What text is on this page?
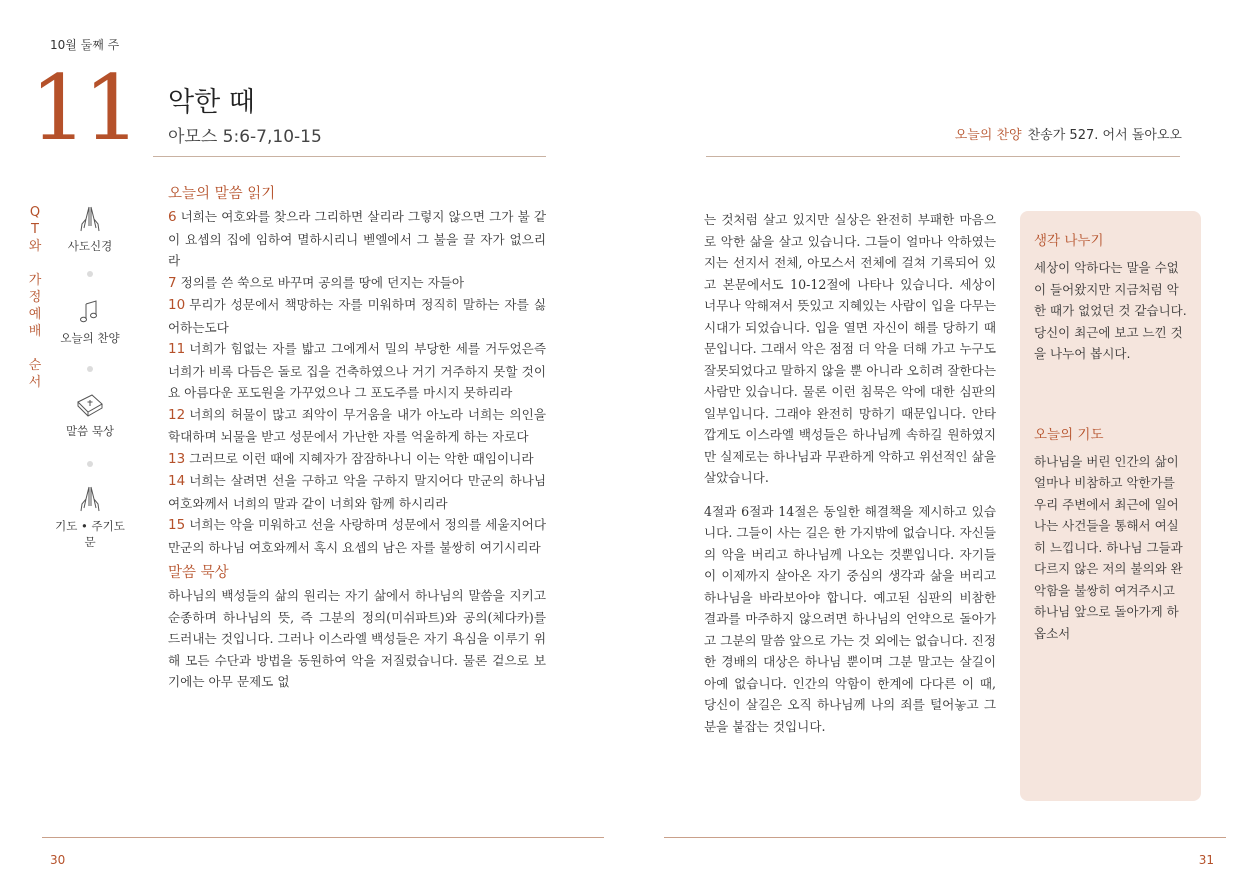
10월 둘째 주
11 악한 때
아모스 5:6-7,10-15	오늘의 찬양 찬송가 527. 어서 돌아오오
Q
T
와
가
정
예
배
순
서
사도신경
오늘의 찬양
말씀 묵상
기도 • 주기도문
오늘의 말씀 읽기

6 너희는 여호와를 찾으라 그리하면 살리라 그렇지 않으면 그가 불 같이 요셉의 집에 임하여 멸하시리니 벧엘에서 그 불을 끌 자가 없으리라

7 정의를 쓴 쑥으로 바꾸며 공의를 땅에 던지는 자들아

10 무리가 성문에서 책망하는 자를 미워하며 정직히 말하는 자를 싫어하는도다

11 너희가 힘없는 자를 밟고 그에게서 밀의 부당한 세를 거두었은즉 너희가 비록 다듬은 돌로 집을 건축하였으나 거기 거주하지 못할 것이요 아름다운 포도원을 가꾸었으나 그 포도주를 마시지 못하리라

12 너희의 허물이 많고 죄악이 무거움을 내가 아노라 너희는 의인을 학대하며 뇌물을 받고 성문에서 가난한 자를 억울하게 하는 자로다

13 그러므로 이런 때에 지혜자가 잠잠하나니 이는 악한 때임이니라

14 너희는 살려면 선을 구하고 악을 구하지 말지어다 만군의 하나님 여호와께서 너희의 말과 같이 너희와 함께 하시리라

15 너희는 악을 미워하고 선을 사랑하며 성문에서 정의를 세울지어다 만군의 하나님 여호와께서 혹시 요셉의 남은 자를 불쌍히 여기시리라

말씀 묵상

하나님의 백성들의 삶의 원리는 자기 삶에서 하나님의 말씀을 지키고 순종하며 하나님의 뜻, 즉 그분의 정의(미쉬파트)와 공의(체다카)를 드러내는 것입니다. 그러나 이스라엘 백성들은 자기 욕심을 이루기 위해 모든 수단과 방법을 동원하여 악을 저질렀습니다. 물론 겉으로 보기에는 아무 문제도 없

는 것처럼 살고 있지만 실상은 완전히 부패한 마음으로 악한 삶을 살고 있습니다. 그들이 얼마나 악하였는지는 선지서 전체, 아모스서 전체에 걸쳐 기록되어 있고 본문에서도 10-12절에 나타나 있습니다. 세상이 너무나 악해져서 뜻있고 지혜있는 사람이 입을 다무는 시대가 되었습니다. 입을 열면 자신이 해를 당하기 때문입니다. 그래서 악은 점점 더 악을 더해 가고 누구도 잘못되었다고 말하지 않을 뿐 아니라 오히려 잘한다는 사람만 있습니다. 물론 이런 침묵은 악에 대한 심판의 일부입니다. 그래야 완전히 망하기 때문입니다. 안타깝게도 이스라엘 백성들은 하나님께 속하길 원하였지만 실제로는 하나님과 무관하게 악하고 위선적인 삶을 살았습니다.

4절과 6절과 14절은 동일한 해결책을 제시하고 있습니다. 그들이 사는 길은 한 가지밖에 없습니다. 자신들의 악을 버리고 하나님께 나오는 것뿐입니다. 자기들이 이제까지 살아온 자기 중심의 생각과 삶을 버리고 하나님을 바라보아야 합니다. 예고된 심판의 비참한 결과를 마주하지 않으려면 하나님의 언약으로 돌아가고 그분의 말씀 앞으로 가는 것 외에는 없습니다. 진정한 경배의 대상은 하나님 뿐이며 그분 말고는 살길이 아예 없습니다. 인간의 악함이 한계에 다다른 이 때, 당신이 살길은 오직 하나님께 나의 죄를 털어놓고 그분을 붙잡는 것입니다.

생각 나누기

세상이 악하다는 말을 수없이 들어왔지만 지금처럼 악한 때가 없었던 것 같습니다. 당신이 최근에 보고 느낀 것을 나누어 봅시다.

오늘의 기도

하나님을 버린 인간의 삶이 얼마나 비참하고 악한가를 우리 주변에서 최근에 일어나는 사건들을 통해서 여실히 느낍니다. 하나님 그들과 다르지 않은 저의 불의와 완악함을 불쌍히 여겨주시고 하나님 앞으로 돌아가게 하옵소서

30	31
